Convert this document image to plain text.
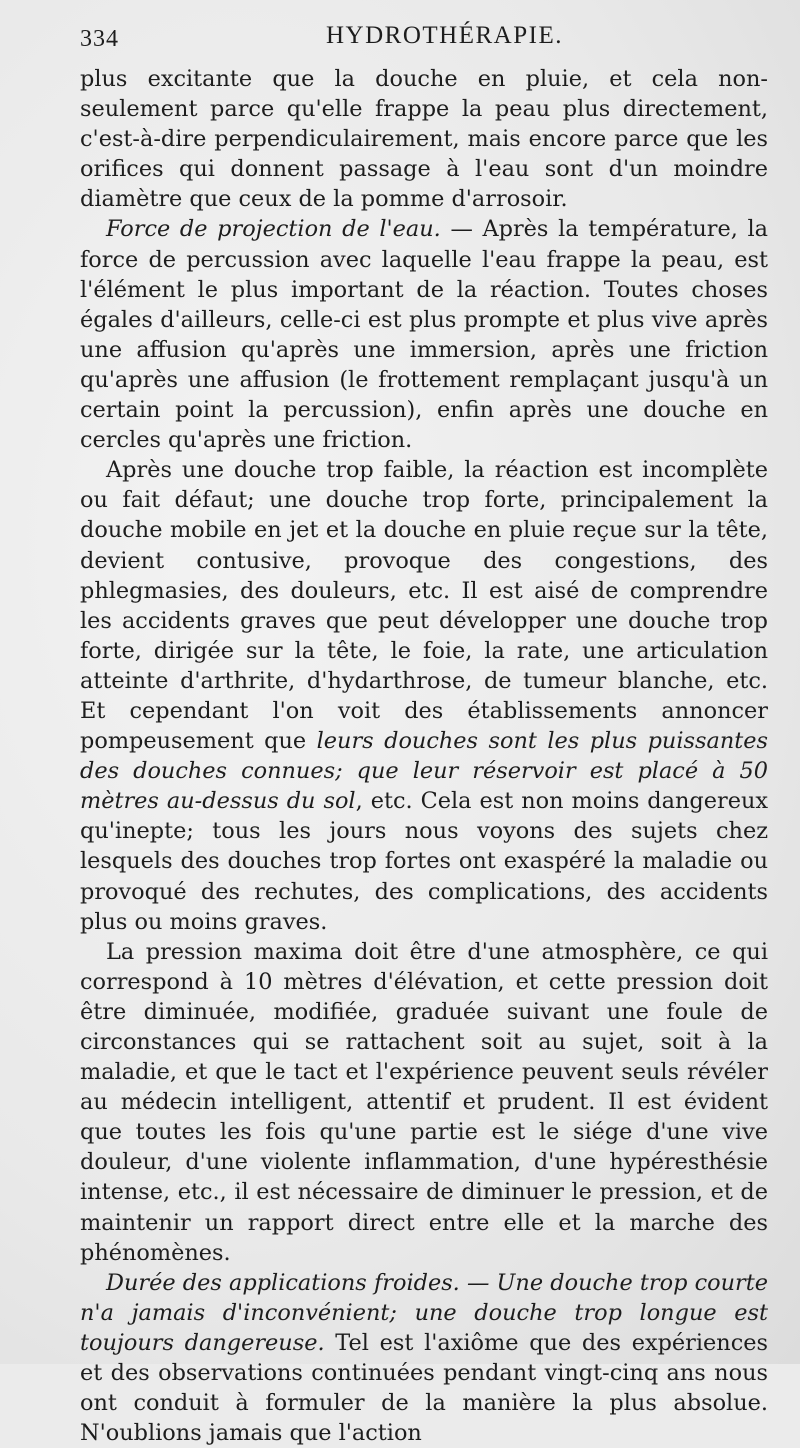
334	HYDROTHÉRAPIE.

plus excitante que la douche en pluie, et cela non-seulement parce qu'elle frappe la peau plus directement, c'est-à-dire perpendiculairement, mais encore parce que les orifices qui donnent passage à l'eau sont d'un moindre diamètre que ceux de la pomme d'arrosoir.

Force de projection de l'eau. — Après la température, la force de percussion avec laquelle l'eau frappe la peau, est l'élément le plus important de la réaction. Toutes choses égales d'ailleurs, celle-ci est plus prompte et plus vive après une affusion qu'après une immersion, après une friction qu'après une affusion (le frottement remplaçant jusqu'à un certain point la percussion), enfin après une douche en cercles qu'après une friction.

Après une douche trop faible, la réaction est incomplète ou fait défaut; une douche trop forte, principalement la douche mobile en jet et la douche en pluie reçue sur la tête, devient contusive, provoque des congestions, des phlegmasies, des douleurs, etc. Il est aisé de comprendre les accidents graves que peut développer une douche trop forte, dirigée sur la tête, le foie, la rate, une articulation atteinte d'arthrite, d'hydarthrose, de tumeur blanche, etc. Et cependant l'on voit des établissements annoncer pompeusement que leurs douches sont les plus puissantes des douches connues; que leur réservoir est placé à 50 mètres au-dessus du sol, etc. Cela est non moins dangereux qu'inepte; tous les jours nous voyons des sujets chez lesquels des douches trop fortes ont exaspéré la maladie ou provoqué des rechutes, des complications, des accidents plus ou moins graves.

La pression maxima doit être d'une atmosphère, ce qui correspond à 10 mètres d'élévation, et cette pression doit être diminuée, modifiée, graduée suivant une foule de circonstances qui se rattachent soit au sujet, soit à la maladie, et que le tact et l'expérience peuvent seuls révéler au médecin intelligent, attentif et prudent. Il est évident que toutes les fois qu'une partie est le siége d'une vive douleur, d'une violente inflammation, d'une hypéresthésie intense, etc., il est nécessaire de diminuer le pression, et de maintenir un rapport direct entre elle et la marche des phénomènes.

Durée des applications froides. — Une douche trop courte n'a jamais d'inconvénient; une douche trop longue est toujours dangereuse. Tel est l'axiôme que des expériences et des observations continuées pendant vingt-cinq ans nous ont conduit à formuler de la manière la plus absolue. N'oublions jamais que l'action
